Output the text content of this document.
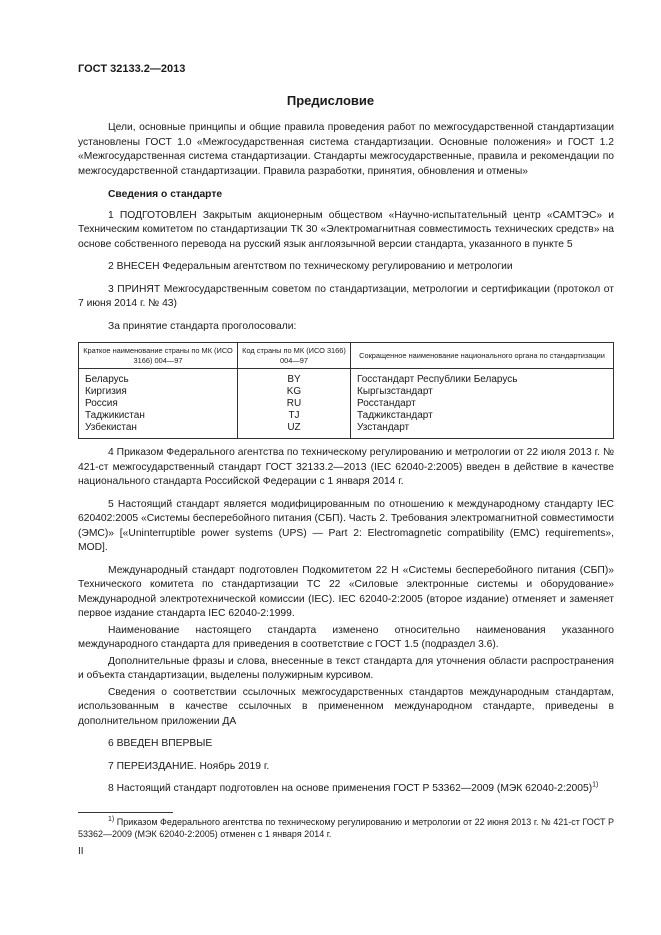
ГОСТ 32133.2—2013
Предисловие

Цели, основные принципы и общие правила проведения работ по межгосударственной стандартизации установлены ГОСТ 1.0 «Межгосударственная система стандартизации. Основные положения» и ГОСТ 1.2 «Межгосударственная система стандартизации. Стандарты межгосударственные, правила и рекомендации по межгосударственной стандартизации. Правила разработки, принятия, обновления и отмены»

Сведения о стандарте

1 ПОДГОТОВЛЕН Закрытым акционерным обществом «Научно-испытательный центр «САМТЭС» и Техническим комитетом по стандартизации ТК 30 «Электромагнитная совместимость технических средств» на основе собственного перевода на русский язык англоязычной версии стандарта, указанного в пункте 5

2 ВНЕСЕН Федеральным агентством по техническому регулированию и метрологии

3 ПРИНЯТ Межгосударственным советом по стандартизации, метрологии и сертификации (протокол от 7 июня 2014 г. № 43)

За принятие стандарта проголосовали:

Краткое наименование страны по МК (ИСО 3166) 004—97	Код страны по МК (ИСО 3166) 004—97	Сокращенное наименование национального органа по стандартизации
Беларусь	BY	Госстандарт Республики Беларусь
Киргизия	KG	Кыргызстандарт
Россия	RU	Росстандарт
Таджикистан	TJ	Таджикстандарт
Узбекистан	UZ	Узстандарт

4 Приказом Федерального агентства по техническому регулированию и метрологии от 22 июля 2013 г. № 421-ст межгосударственный стандарт ГОСТ 32133.2—2013 (IEC 62040-2:2005) введен в действие в качестве национального стандарта Российской Федерации с 1 января 2014 г.

5 Настоящий стандарт является модифицированным по отношению к международному стандарту IEC 620402:2005 «Системы бесперебойного питания (СБП). Часть 2. Требования электромагнитной совместимости (ЭМС)» [«Uninterruptible power systems (UPS) — Part 2: Electromagnetic compatibility (EMC) requirements», MOD].

Международный стандарт подготовлен Подкомитетом 22 Н «Системы бесперебойного питания (СБП)» Технического комитета по стандартизации ТС 22 «Силовые электронные системы и оборудование» Международной электротехнической комиссии (IEC). IEC 62040-2:2005 (второе издание) отменяет и заменяет первое издание стандарта IEC 62040-2:1999.

Наименование настоящего стандарта изменено относительно наименования указанного международного стандарта для приведения в соответствие с ГОСТ 1.5 (подраздел 3.6).

Дополнительные фразы и слова, внесенные в текст стандарта для уточнения области распространения и объекта стандартизации, выделены полужирным курсивом.

Сведения о соответствии ссылочных межгосударственных стандартов международным стандартам, использованным в качестве ссылочных в примененном международном стандарте, приведены в дополнительном приложении ДА

6 ВВЕДЕН ВПЕРВЫЕ

7 ПЕРЕИЗДАНИЕ. Ноябрь 2019 г.

8 Настоящий стандарт подготовлен на основе применения ГОСТ Р 53362—2009 (МЭК 62040-2:2005)$^{1)}$

$^{1)}$ Приказом Федерального агентства по техническому регулированию и метрологии от 22 июня 2013 г. № 421-ст ГОСТ Р 53362—2009 (МЭК 62040-2:2005) отменен с 1 января 2014 г.
II
